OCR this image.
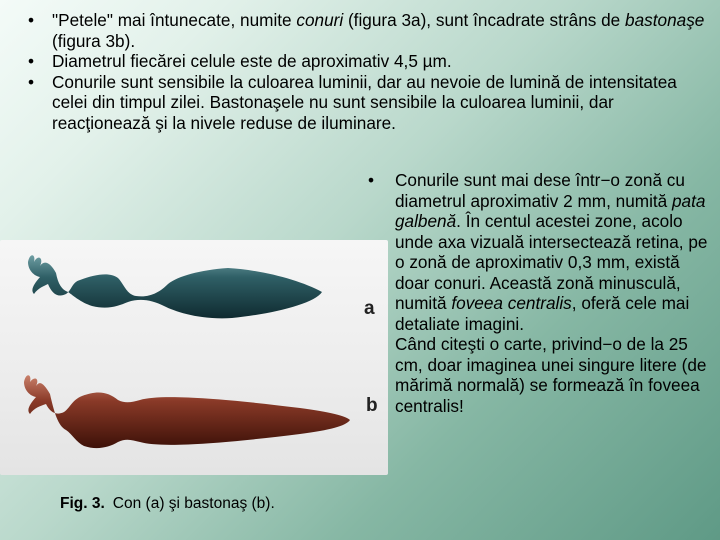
• "Petele" mai întunecate, numite conuri (figura 3a), sunt încadrate strâns de bastonaşe (figura 3b).
• Diametrul fiecărei celule este de aproximativ 4,5 µm.
• Conurile sunt sensibile la culoarea luminii, dar au nevoie de lumină de intensitatea celei din timpul zilei. Bastonaşele nu sunt sensibile la culoarea luminii, dar reacţionează şi la nivele reduse de iluminare.
a
b
• Conurile sunt mai dese într−o zonă cu diametrul aproximativ 2 mm, numită pata galbenă. În centul acestei zone, acolo unde axa vizuală intersectează retina, pe o zonă de aproximativ 0,3 mm, există doar conuri. Această zonă minusculă, numită foveea centralis, oferă cele mai detaliate imagini.
Când citeşti o carte, privind−o de la 25 cm, doar imaginea unei singure litere (de mărimă normală) se formează în foveea centralis!
Fig. 3. Con (a) şi bastonaş (b).
